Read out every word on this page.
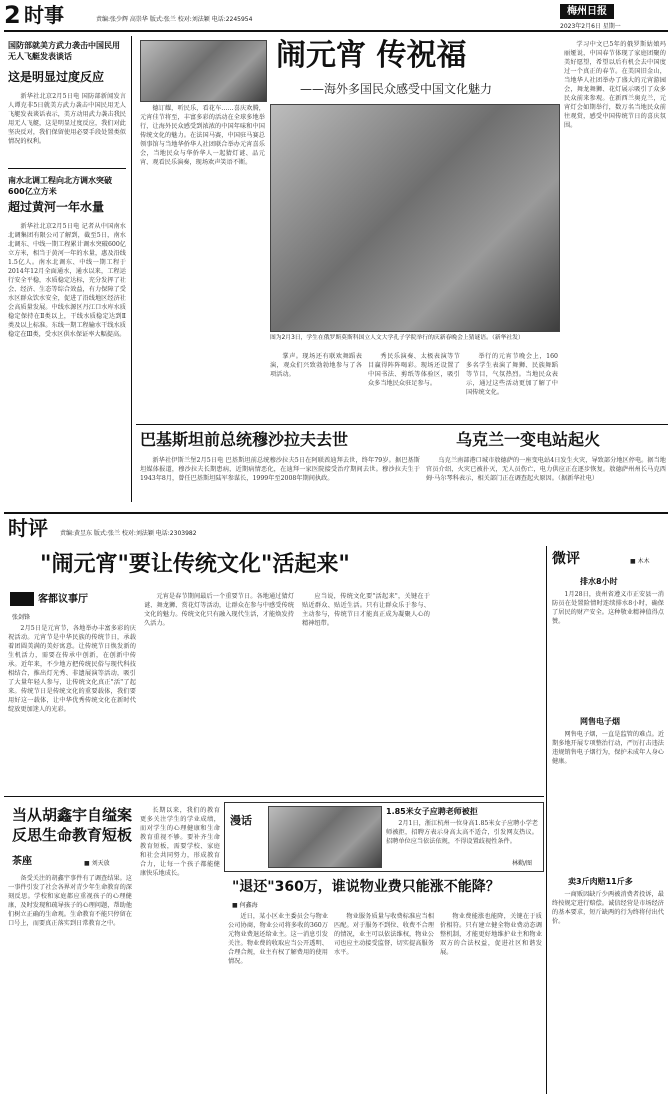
2 时事	责编:张少辉 高崇华 版式:张兰 校对:刘法颖 电话:2245954
梅州日报
2023年2月6日 星期一
国防部就美方武力袭击中国民用无人飞艇发表谈话
这是明显过度反应

新华社北京2月5日电 国防部新闻发言人谭克非5日就美方武力袭击中国民用无人飞艇发表谈话表示，美方动用武力袭击我民用无人飞艇，这是明显过度反应，我们对此坚决反对，我们保留使用必要手段处置类似情况的权利。

南水北调工程向北方调水突破600亿立方米
超过黄河一年水量

新华社北京2月5日电 记者从中国南水北调集团有限公司了解到，截至5日，南水北调东、中线一期工程累计调水突破600亿立方米，相当于黄河一年的水量，惠及沿线1.5亿人。南水北调东、中线一期工程于2014年12月全面通水，通水以来，工程运行安全平稳，水质稳定达标，充分发挥了社会、经济、生态等综合效益，有力保障了受水区群众饮水安全，促进了沿线地区经济社会高质量发展。中线水源区丹江口水库水质稳定保持在Ⅱ类以上，干线水质稳定达到Ⅱ类及以上标准。东线一期工程输水干线水质稳定在Ⅲ类，受水区供水保证率大幅提高。

闹元宵 传祝福
——海外多国民众感受中国文化魅力

德订耀，听民乐，看花车……喜庆欢腾，元宵佳节将至，丰富多彩的活动在全球多地举行，让海外民众感受到浓浓的中国年味和中国传统文化的魅力。在法国马赛，中国驻马赛总领事馆与当地华侨华人社团联合举办元宵喜乐会，当地民众与华侨华人一起猜灯谜、品元宵、观看民乐演奏，现场欢声笑语不断。

图为2月3日，学生在俄罗斯莫斯科国立人文大学孔子学院举行的庆新春晚会上猜谜语。（新华社发）

掌声。现场还有联欢舞蹈表演，观众们兴致勃勃地参与了各项活动。

秀民乐演奏、太极表演等节目赢得阵阵喝彩。现场还设置了中国书法、剪纸等体验区，吸引众多当地民众驻足参与。

举行的元宵节晚会上，160多名学生表演了舞狮、民族舞蹈等节目，气氛热烈。当地民众表示，通过这些活动更加了解了中国传统文化。

学习中文已5年的俄罗斯姑娘玛丽娅说，中国春节体现了家庭团聚的美好愿望，希望以后有机会去中国度过一个真正的春节。在美国旧金山，当地华人社团举办了盛大的元宵游园会，舞龙舞狮、花灯展示吸引了众多民众前来参观。在新西兰奥克兰，元宵灯会如期举行，数万名当地民众前往观赏，感受中国传统节日的喜庆氛围。

巴基斯坦前总统穆沙拉夫去世

新华社伊斯兰堡2月5日电 巴基斯坦前总统穆沙拉夫5日在阿联酋迪拜去世，终年79岁。据巴基斯坦媒体报道，穆沙拉夫长期患病，近期病情恶化，在迪拜一家医院接受治疗期间去世。穆沙拉夫生于1943年8月，曾任巴基斯坦陆军参谋长，1999年至2008年期间执政。

乌克兰一变电站起火

乌克兰南部港口城市敖德萨的一座变电站4日发生火灾，导致部分地区停电。据当地官员介绍，火灾已被扑灭，无人员伤亡，电力供应正在逐步恢复。敖德萨州州长马克西姆·马尔琴科表示，相关部门正在调查起火原因。（据新华社电）

时评 责编:黄昱东 版式:张兰 校对:刘法颖 电话:2303982
"闹元宵"要让传统文化"活起来"
客都议事厅
张剑锋

2月5日是元宵节，各地举办丰富多彩的庆祝活动。元宵节是中华民族的传统节日，承载着团圆美满的美好寓意。让传统节日焕发新的生机活力，需要在传承中创新，在创新中传承。近年来，不少地方把传统民俗与现代科技相结合，推出灯光秀、非遗展演等活动，吸引了大量年轻人参与，让传统文化真正"活"了起来。传统节日是传统文化的重要载体，我们要用好这一载体，让中华优秀传统文化在新时代绽放更加迷人的光彩。

元宵是春节期间最后一个重要节日。各地通过猜灯谜、舞龙狮、赏花灯等活动，让群众在参与中感受传统文化的魅力。传统文化只有融入现代生活，才能焕发持久活力。

应当说，传统文化要"活起来"，关键在于贴近群众、贴近生活。只有让群众乐于参与、主动参与，传统节日才能真正成为凝聚人心的精神纽带。

微评	■ 木木
排水8小时

1月28日，贵州省遵义市正安县一消防员在处置险情时连续排水8小时，确保了居民的财产安全。这种敬业精神值得点赞。

网售电子烟

网售电子烟，一直是监管的难点。近期多地开展专项整治行动，严厉打击违法违规销售电子烟行为，保护未成年人身心健康。

卖3斤肉赔11斤多

一商贩因缺斤少两被消费者投诉，最终按规定进行赔偿。诚信经营是市场经济的基本要求，短斤缺两的行为终将付出代价。

当从胡鑫宇自缢案
反思生命教育短板
茶座	■ 刘天放

备受关注的胡鑫宇事件有了调查结果。这一事件引发了社会各界对青少年生命教育的深刻反思。学校和家庭都应重视孩子的心理健康，及时发现和疏导孩子的心理问题，帮助他们树立正确的生命观。生命教育不能只停留在口号上，而要真正落实到日常教育之中。

长期以来，我们的教育更多关注学生的学业成绩，而对学生的心理健康和生命教育重视不够。要补齐生命教育短板，需要学校、家庭和社会共同努力，形成教育合力，让每一个孩子都能健康快乐地成长。

漫话
1.85米女子应聘老师被拒

2月1日，浙江杭州一位身高1.85米女子应聘小学老师被拒，招聘方表示身高太高不适合，引发网友热议。招聘单位应当依法依规，不得设置歧视性条件。

林勤/图
"退还"360万，谁说物业费只能涨不能降？
■ 何鑫海

近日，某小区业主委员会与物业公司协商，物业公司将多收的360万元物业费退还给业主。这一消息引发关注。物业费的收取应当公开透明、合理合规，业主有权了解费用的使用情况。

物业服务质量与收费标准应当相匹配。对于服务不到位、收费不合理的情况，业主可以依法维权，物业公司也应主动接受监督，切实提高服务水平。

物业费能涨也能降，关键在于质价相符。只有建立健全物业费动态调整机制，才能更好地维护业主和物业双方的合法权益，促进社区和谐发展。
